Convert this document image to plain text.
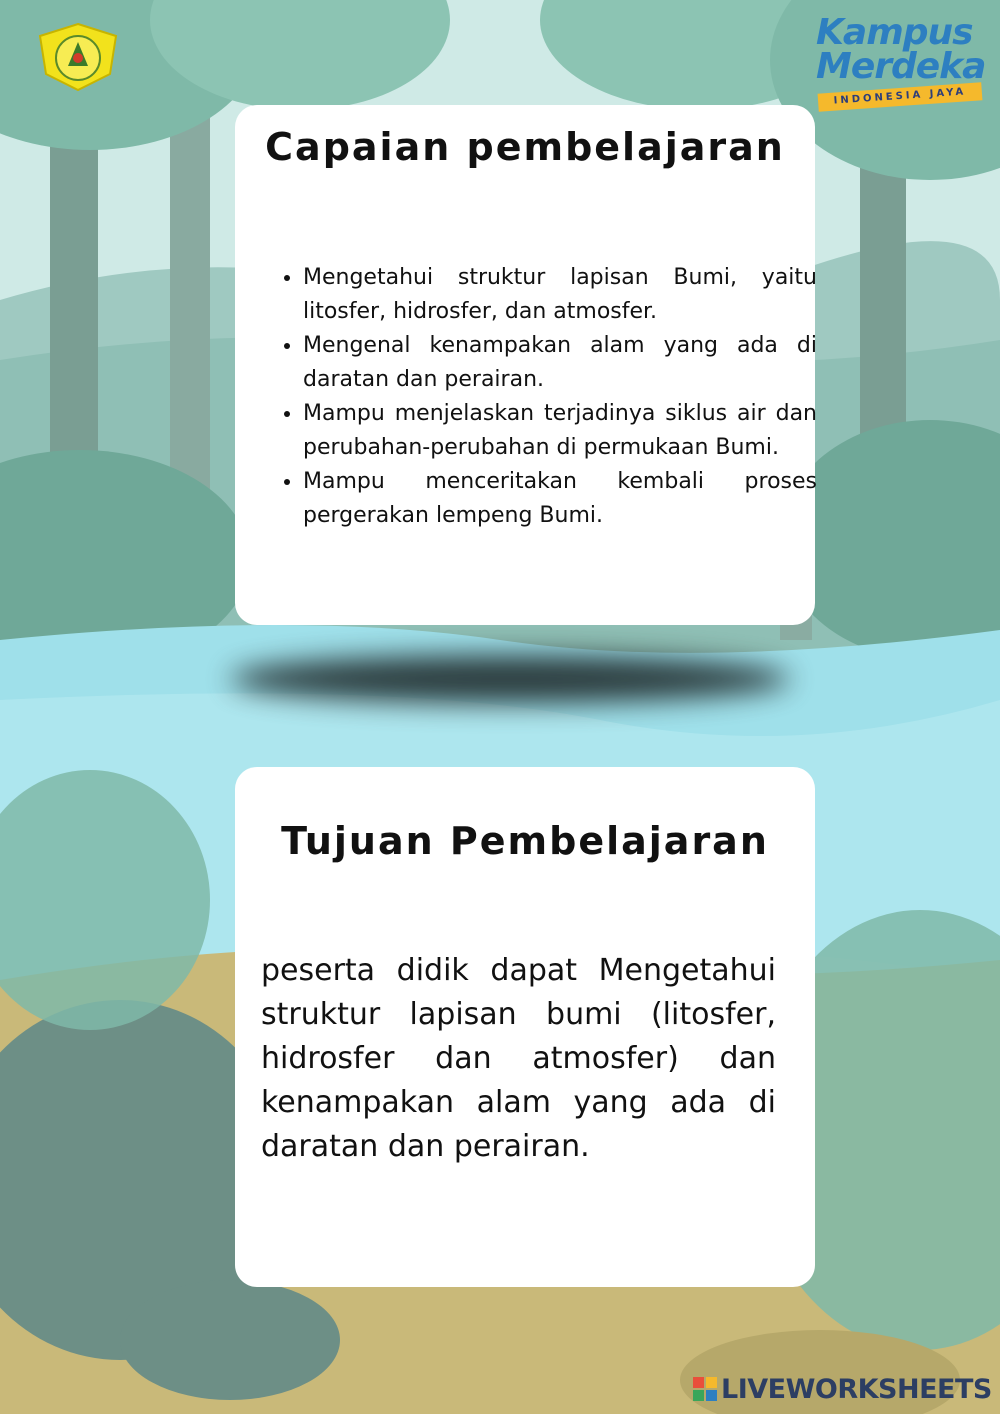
Kampus
Merdeka
INDONESIA JAYA
Capaian pembelajaran
• Mengetahui struktur lapisan Bumi, yaitu litosfer, hidrosfer, dan atmosfer.
• Mengenal kenampakan alam yang ada di daratan dan perairan.
• Mampu menjelaskan terjadinya siklus air dan perubahan-perubahan di permukaan Bumi.
• Mampu menceritakan kembali proses pergerakan lempeng Bumi.
Tujuan Pembelajaran

peserta didik dapat Mengetahui struktur lapisan bumi (litosfer, hidrosfer dan atmosfer) dan kenampakan alam yang ada di daratan dan perairan.

LIVEWORKSHEETS
